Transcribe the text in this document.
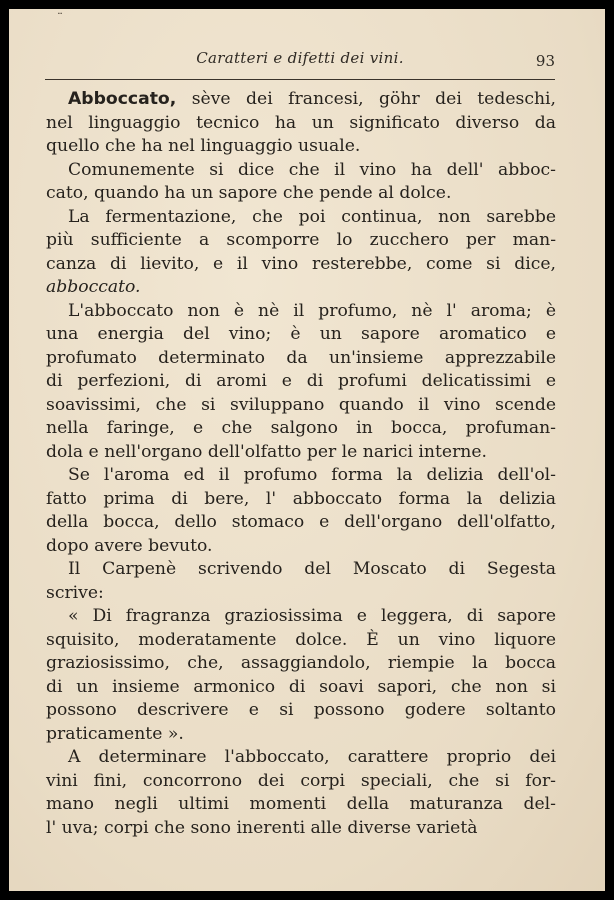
¨
Caratteri e difetti dei vini.	93
Abboccato, sève dei francesi, göhr dei tedeschi,
nel linguaggio tecnico ha un significato diverso da
quello che ha nel linguaggio usuale.
Comunemente si dice che il vino ha dell' abboc-
cato, quando ha un sapore che pende al dolce.
La fermentazione, che poi continua, non sarebbe
più sufficiente a scomporre lo zucchero per man-
canza di lievito, e il vino resterebbe, come si dice,
abboccato.
L'abboccato non è nè il profumo, nè l' aroma; è
una energia del vino; è un sapore aromatico e
profumato determinato da un'insieme apprezzabile
di perfezioni, di aromi e di profumi delicatissimi e
soavissimi, che si sviluppano quando il vino scende
nella faringe, e che salgono in bocca, profuman-
dola e nell'organo dell'olfatto per le narici interne.
Se l'aroma ed il profumo forma la delizia dell'ol-
fatto prima di bere, l' abboccato forma la delizia
della bocca, dello stomaco e dell'organo dell'olfatto,
dopo avere bevuto.
Il Carpenè scrivendo del Moscato di Segesta
scrive:
« Di fragranza graziosissima e leggera, di sapore
squisito, moderatamente dolce. È un vino liquore
graziosissimo, che, assaggiandolo, riempie la bocca
di un insieme armonico di soavi sapori, che non si
possono descrivere e si possono godere soltanto
praticamente ».
A determinare l'abboccato, carattere proprio dei
vini fini, concorrono dei corpi speciali, che si for-
mano negli ultimi momenti della maturanza del-
l' uva; corpi che sono inerenti alle diverse varietà
